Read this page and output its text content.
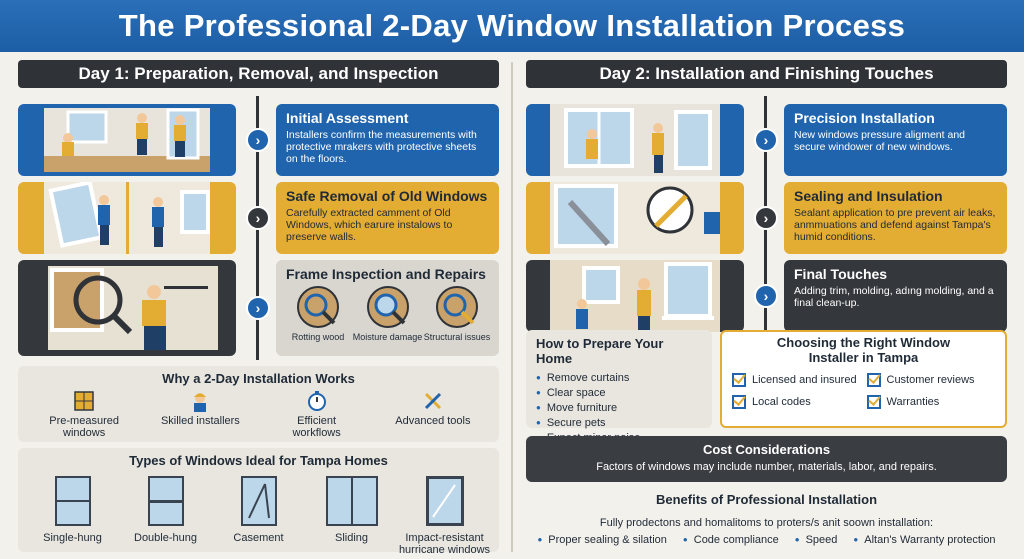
The Professional 2-Day Window Installation Process
Day 1: Preparation, Removal, and Inspection
›
Initial Assessment

Installers confirm the measurements with protective mrakers with protective sheets on the floors.

›
Safe Removal of Old Windows

Carefully extracted camment of Old Windows, which earure instalows to preserve walls.

›
Frame Inspection and Repairs
Rotting wood Moisture damage Structural issues
Why a 2-Day Installation Works
Pre-measured windows
Skilled installers	Efficient workflows
Advanced tools
Types of Windows Ideal for Tampa Homes
Single-hung	Double-hung	Casement	Sliding	Impact-resistant hurricane windows
Day 2: Installation and Finishing Touches
›
Precision Installation

New windows pressure aligment and secure windower of new windows.

›
Sealing and Insulation

Sealant application to pre prevent air leaks, anmmuations and defend against Tampa's humid conditions.

›
Final Touches

Adding trim, molding, adıng molding, and a final clean-up.

How to Prepare Your Home
● Remove curtains
● Clear space
● Move furniture
● Secure pets
●
Choosing the Right Window Installer in Tampa
Licensed and insured	Customer reviews
Local codes	Warranties
Cost Considerations

Factors of windows may include number, materials, labor, and repairs.

Benefits of Professional Installation

Fully prodectons and homalitoms to proters/s anit soown installation:

● Proper sealing & silation	● Code compliance	● Speed	● Altan's Warranty protection
